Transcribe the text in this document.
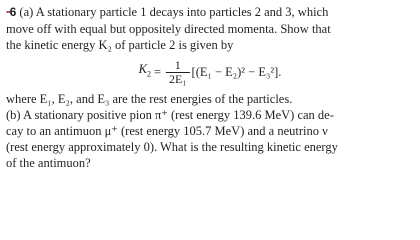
••6 (a) A stationary particle 1 decays into particles 2 and 3, which
move off with equal but oppositely directed momenta. Show that
the kinetic energy K₂ of particle 2 is given by
$K_2 = \frac{1}{\text{2E₁}} [(E_1 - E_2)^2 - E_3^2]$.
where E₁, E₂, and E₃ are the rest energies of the particles.
(b) A stationary positive pion π⁺ (rest energy 139.6 MeV) can de-
cay to an antimuon μ⁺ (rest energy 105.7 MeV) and a neutrino ν
(rest energy approximately 0). What is the resulting kinetic energy
of the antimuon?
